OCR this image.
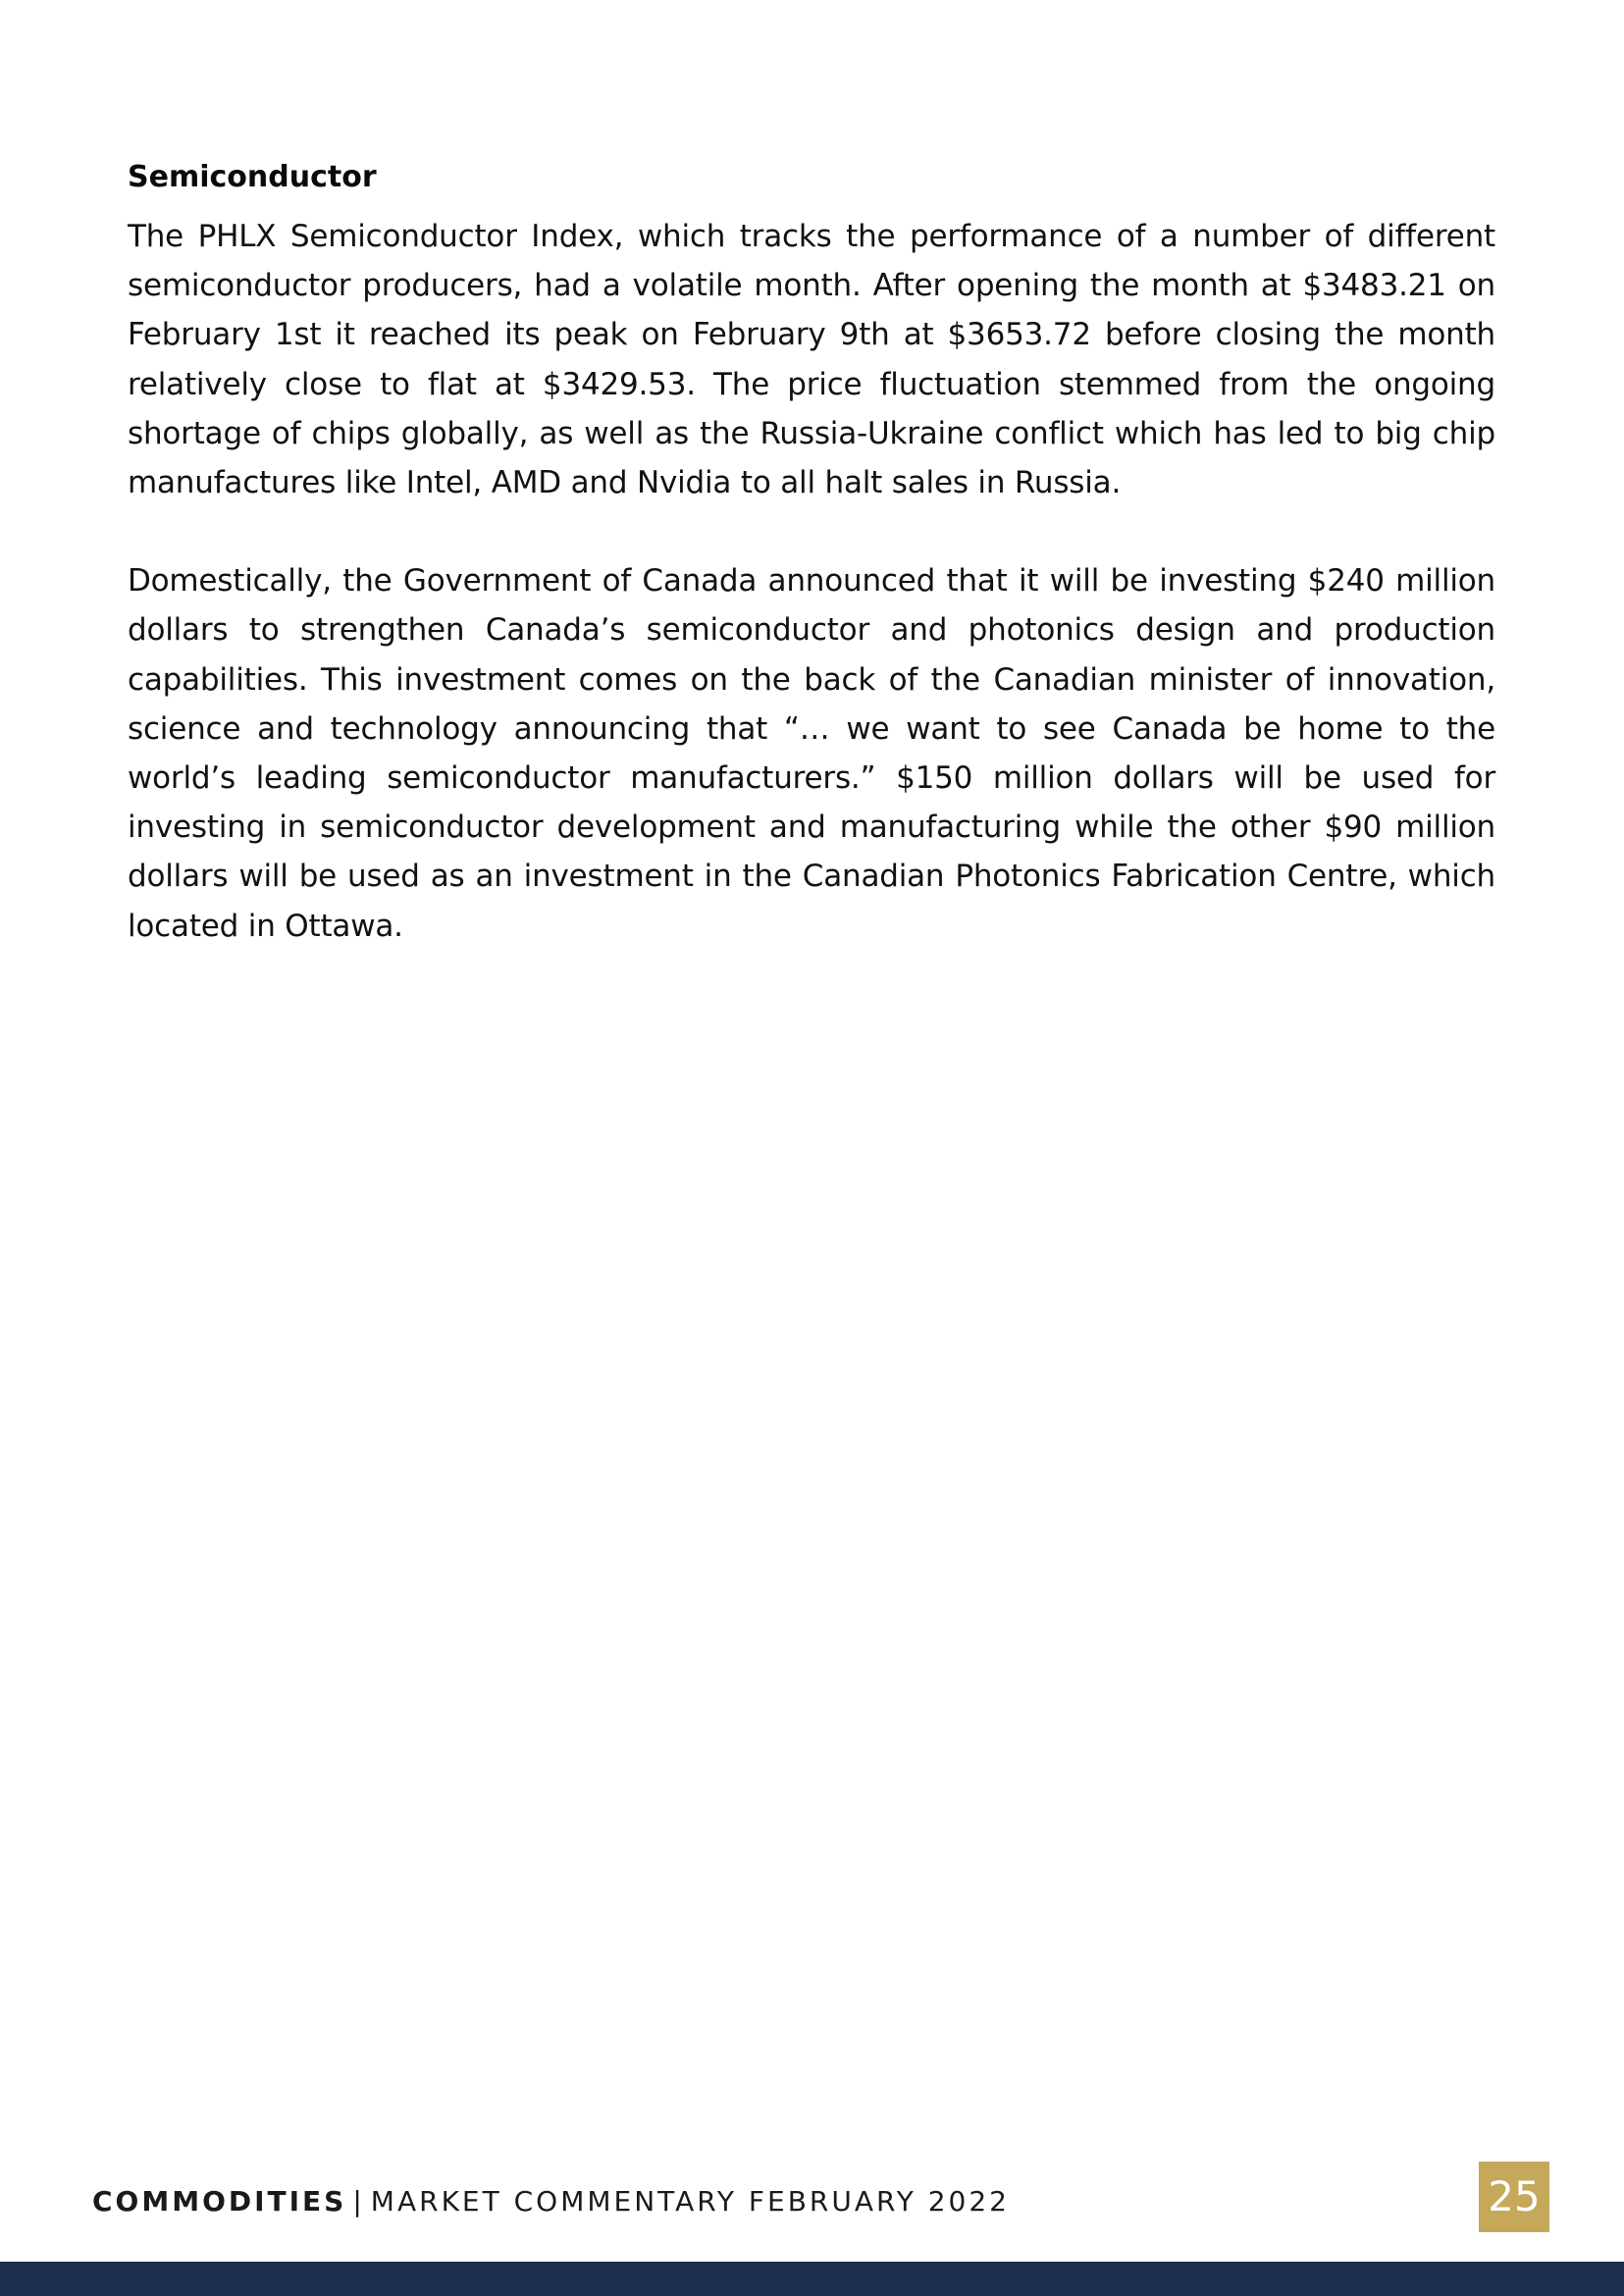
Semiconductor

The PHLX Semiconductor Index, which tracks the performance of a number of different semiconductor producers, had a volatile month. After opening the month at $3483.21 on February 1st it reached its peak on February 9th at $3653.72 before closing the month relatively close to flat at $3429.53. The price fluctuation stemmed from the ongoing shortage of chips globally, as well as the Russia-Ukraine conflict which has led to big chip manufactures like Intel, AMD and Nvidia to all halt sales in Russia.

Domestically, the Government of Canada announced that it will be investing $240 million dollars to strengthen Canada’s semiconductor and photonics design and production capabilities. This investment comes on the back of the Canadian minister of innovation, science and technology announcing that “… we want to see Canada be home to the world’s leading semiconductor manufacturers.” $150 million dollars will be used for investing in semiconductor development and manufacturing while the other $90 million dollars will be used as an investment in the Canadian Photonics Fabrication Centre, which located in Ottawa.

COMMODITIES | MARKET COMMENTARY FEBRUARY 2022	25
